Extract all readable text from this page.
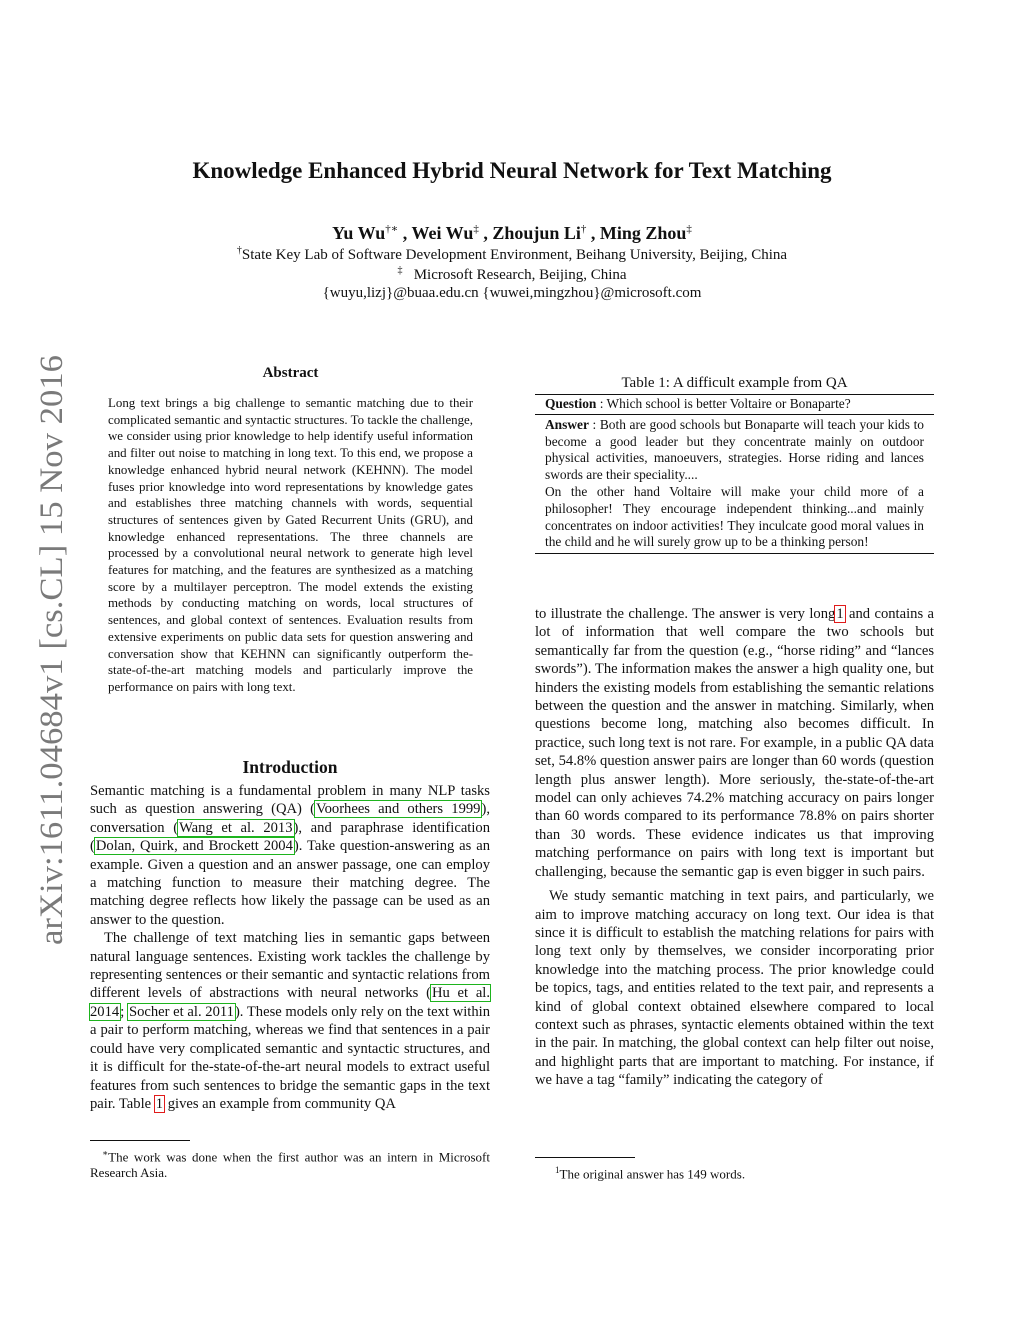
arXiv:1611.04684v1 [cs.CL] 15 Nov 2016
Knowledge Enhanced Hybrid Neural Network for Text Matching
Yu Wu†∗ , Wei Wu‡ , Zhoujun Li† , Ming Zhou‡
†State Key Lab of Software Development Environment, Beihang University, Beijing, China
‡ Microsoft Research, Beijing, China
{wuyu,lizj}@buaa.edu.cn {wuwei,mingzhou}@microsoft.com
Abstract
Long text brings a big challenge to semantic matching due to their complicated semantic and syntactic structures. To tackle the challenge, we consider using prior knowledge to help identify useful information and filter out noise to matching in long text. To this end, we propose a knowledge enhanced hybrid neural network (KEHNN). The model fuses prior knowledge into word representations by knowledge gates and establishes three matching channels with words, sequential structures of sentences given by Gated Recurrent Units (GRU), and knowledge enhanced representations. The three channels are processed by a convolutional neural network to generate high level features for matching, and the features are synthesized as a matching score by a multilayer perceptron. The model extends the existing methods by conducting matching on words, local structures of sentences, and global context of sentences. Evaluation results from extensive experiments on public data sets for question answering and conversation show that KEHNN can significantly outperform the-state-of-the-art matching models and particularly improve the performance on pairs with long text.
Introduction

Semantic matching is a fundamental problem in many NLP tasks such as question answering (QA) (Voorhees and others 1999), conversation (Wang et al. 2013), and paraphrase identification (Dolan, Quirk, and Brockett 2004). Take question-answering as an example. Given a question and an answer passage, one can employ a matching function to measure their matching degree. The matching degree reflects how likely the passage can be used as an answer to the question.

The challenge of text matching lies in semantic gaps between natural language sentences. Existing work tackles the challenge by representing sentences or their semantic and syntactic relations from different levels of abstractions with neural networks (Hu et al. 2014; Socher et al. 2011). These models only rely on the text within a pair to perform matching, whereas we find that sentences in a pair could have very complicated semantic and syntactic structures, and it is difficult for the-state-of-the-art neural models to extract useful features from such sentences to bridge the semantic gaps in the text pair. Table 1 gives an example from community QA

∗The work was done when the first author was an intern in Microsoft Research Asia.
Table 1: A difficult example from QA
Question : Which school is better Voltaire or Bonaparte?
Answer : Both are good schools but Bonaparte will teach your kids to become a good leader but they concentrate mainly on outdoor physical activities, manoeuvers, strategies. Horse riding and lances swords are their speciality....
On the other hand Voltaire will make your child more of a philosopher! They encourage independent thinking...and mainly concentrates on indoor activities! They inculcate good moral values in the child and he will surely grow up to be a thinking person!

to illustrate the challenge. The answer is very long1 and contains a lot of information that well compare the two schools but semantically far from the question (e.g., “horse riding” and “lances swords”). The information makes the answer a high quality one, but hinders the existing models from establishing the semantic relations between the question and the answer in matching. Similarly, when questions become long, matching also becomes difficult. In practice, such long text is not rare. For example, in a public QA data set, 54.8% question answer pairs are longer than 60 words (question length plus answer length). More seriously, the-state-of-the-art model can only achieves 74.2% matching accuracy on pairs longer than 60 words compared to its performance 78.8% on pairs shorter than 30 words. These evidence indicates us that improving matching performance on pairs with long text is important but challenging, because the semantic gap is even bigger in such pairs.

We study semantic matching in text pairs, and particularly, we aim to improve matching accuracy on long text. Our idea is that since it is difficult to establish the matching relations for pairs with long text only by themselves, we consider incorporating prior knowledge into the matching process. The prior knowledge could be topics, tags, and entities related to the text pair, and represents a kind of global context obtained elsewhere compared to local context such as phrases, syntactic elements obtained within the text in the pair. In matching, the global context can help filter out noise, and highlight parts that are important to matching. For instance, if we have a tag “family” indicating the category of

$^1$The original answer has 149 words.
